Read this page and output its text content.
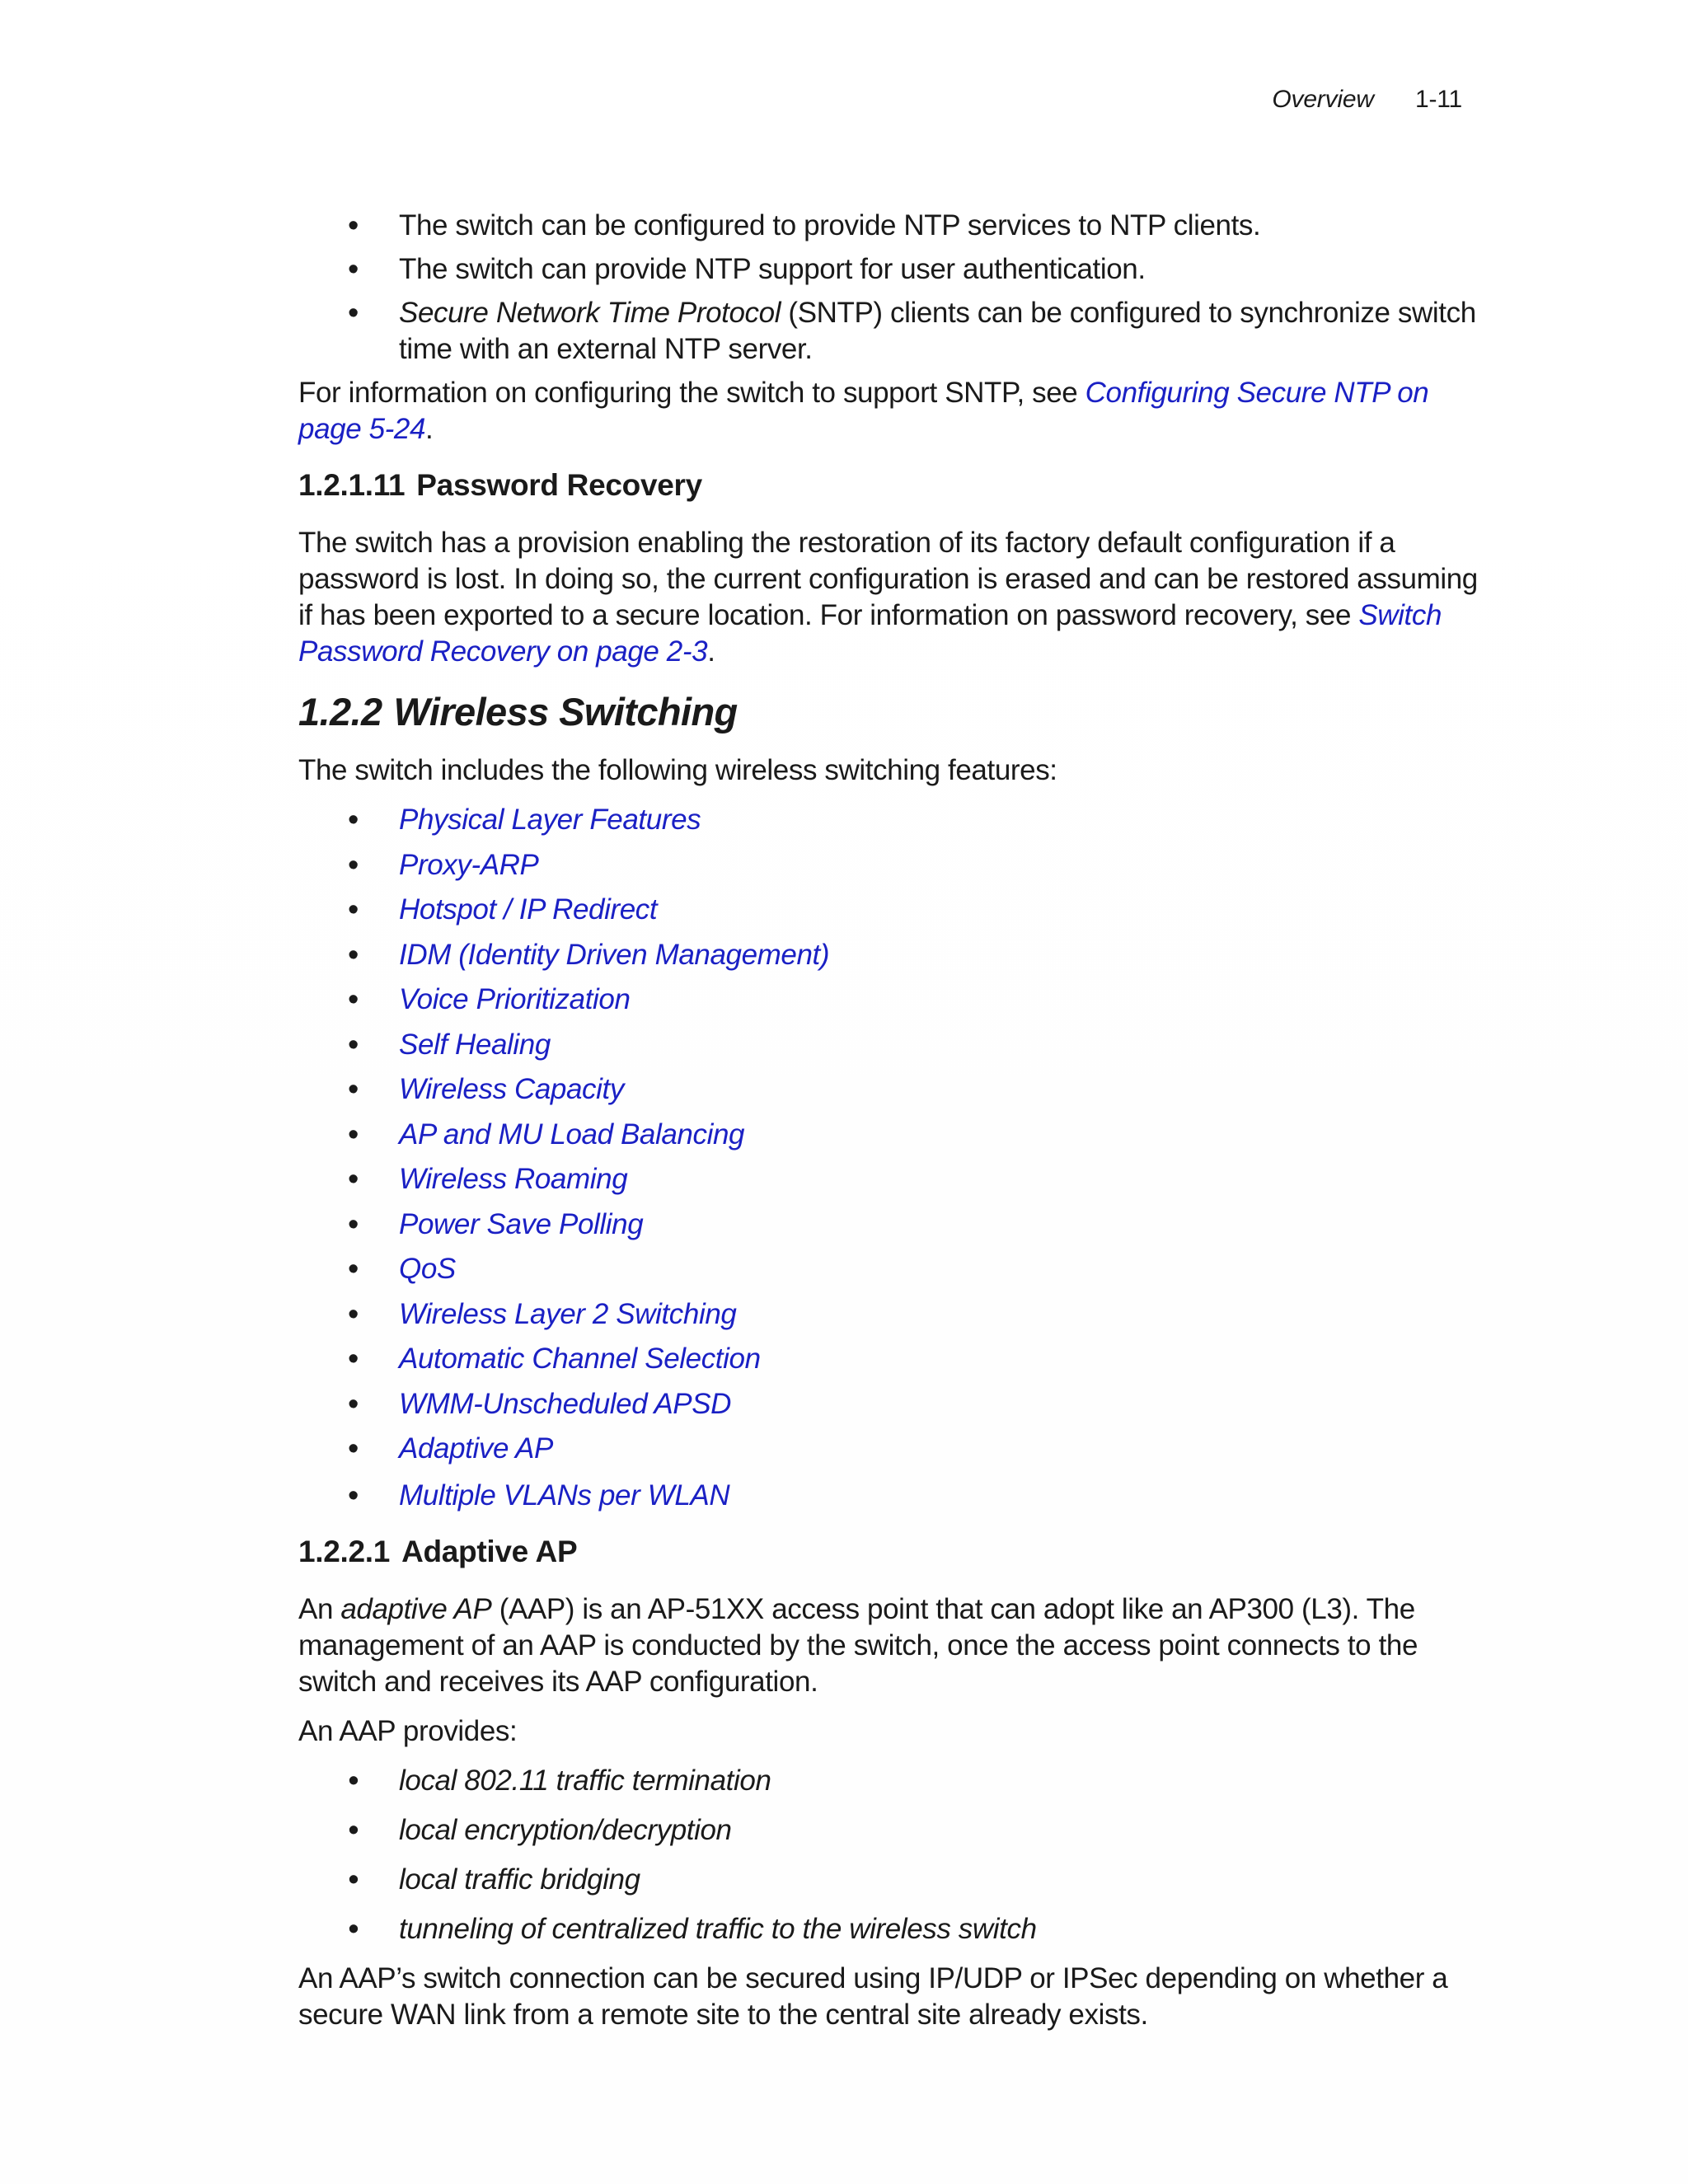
Overview 1-11
• The switch can be configured to provide NTP services to NTP clients.
• The switch can provide NTP support for user authentication.
• Secure Network Time Protocol (SNTP) clients can be configured to synchronize switch time with an external NTP server.

For information on configuring the switch to support SNTP, see Configuring Secure NTP on page 5-24.

1.2.1.11 Password Recovery

The switch has a provision enabling the restoration of its factory default configuration if a password is lost. In doing so, the current configuration is erased and can be restored assuming if has been exported to a secure location. For information on password recovery, see Switch Password Recovery on page 2-3.

1.2.2 Wireless Switching

The switch includes the following wireless switching features:

• Physical Layer Features
• Proxy-ARP
• Hotspot / IP Redirect
• IDM (Identity Driven Management)
• Voice Prioritization
• Self Healing
• Wireless Capacity
• AP and MU Load Balancing
• Wireless Roaming
• Power Save Polling
• QoS
• Wireless Layer 2 Switching
• Automatic Channel Selection
• WMM-Unscheduled APSD
• Adaptive AP
• Multiple VLANs per WLAN
1.2.2.1 Adaptive AP

An adaptive AP (AAP) is an AP-51XX access point that can adopt like an AP300 (L3). The management of an AAP is conducted by the switch, once the access point connects to the switch and receives its AAP configuration.

An AAP provides:

• local 802.11 traffic termination
• local encryption/decryption
• local traffic bridging
• tunneling of centralized traffic to the wireless switch

An AAP’s switch connection can be secured using IP/UDP or IPSec depending on whether a secure WAN link from a remote site to the central site already exists.
